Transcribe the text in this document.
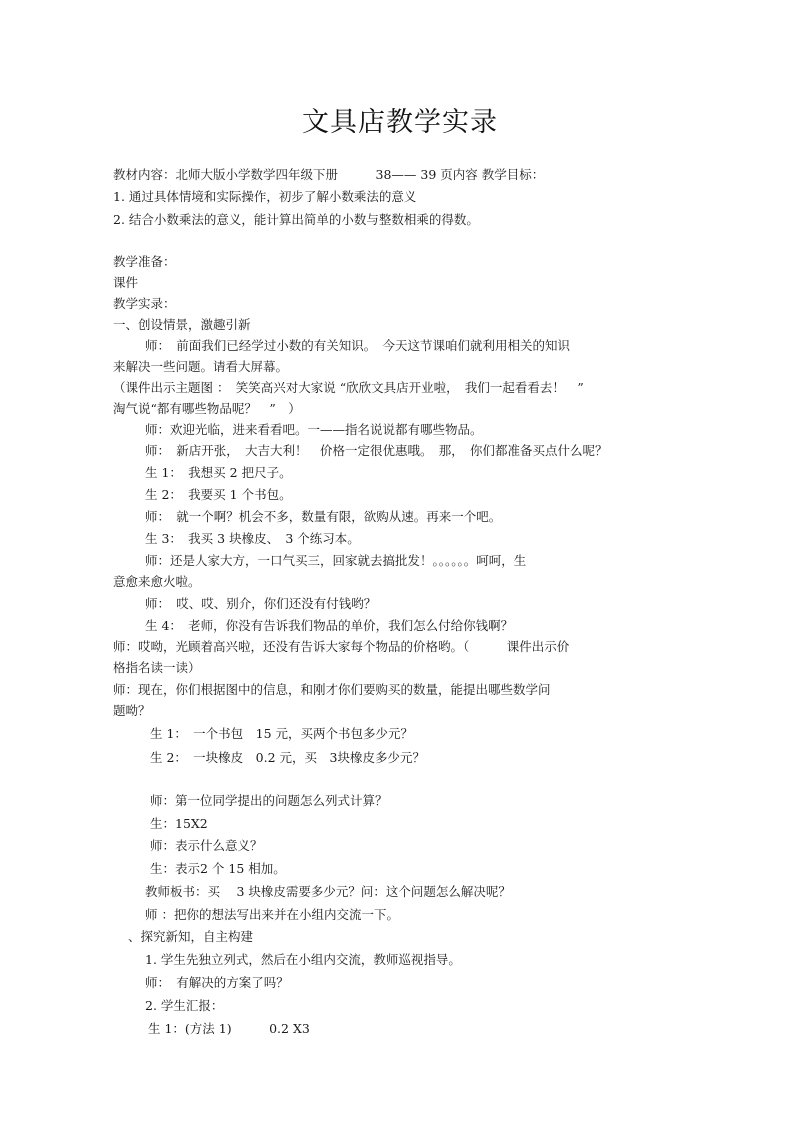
文具店教学实录
教材内容：北师大版小学数学四年级下册　　　38—— 39 页内容 教学目标：
1. 通过具体情境和实际操作，初步了解小数乘法的意义
2. 结合小数乘法的意义，能计算出简单的小数与整数相乘的得数。
教学准备：
课件
教学实录：
一、创设情景，激趣引新
师：　前面我们已经学过小数的有关知识。　今天这节课咱们就利用相关的知识
来解决一些问题。请看大屏幕。
（课件出示主题图 ：　笑笑高兴对大家说 “欣欣文具店开业啦，　我们一起看看去！　”
淘气说“都有哪些物品呢？　”　）
师：欢迎光临，进来看看吧。一——指名说说都有哪些物品。
师：　新店开张，　大吉大利！　价格一定很优惠哦。　那，　你们都准备买点什么呢？
生 1：　我想买 2 把尺子。
生 2：　我要买 1 个书包。
师：　就一个啊？机会不多，数量有限，欲购从速。再来一个吧。
生 3：　我买 3 块橡皮、　3 个练习本。
师：还是人家大方，一口气买三，回家就去搞批发！。。。。。。呵呵，生
意愈来愈火啦。
师：　哎、哎、别介，你们还没有付钱哟？
生 4：　老师，你没有告诉我们物品的单价，我们怎么付给你钱啊？
师：哎呦，光顾着高兴啦，还没有告诉大家每个物品的价格哟。（　　　课件出示价
格指名读一读）
师：现在，你们根据图中的信息，和刚才你们要购买的数量，能提出哪些数学问
题呦？
生 1：　一个书包　15 元，买两个书包多少元？
生 2：　一块橡皮　0.2 元，买　3块橡皮多少元？
师：第一位同学提出的问题怎么列式计算？
生：15X2
师：表示什么意义？
生：表示2 个 15 相加。
教师板书：买　 3 块橡皮需要多少元？问：这个问题怎么解决呢？
师 ：把你的想法写出来并在小组内交流一下。
、探究新知，自主构建
1. 学生先独立列式，然后在小组内交流，教师巡视指导。
师：　有解决的方案了吗？
2. 学生汇报：
生 1：(方法 1)　　　0.2 X3
